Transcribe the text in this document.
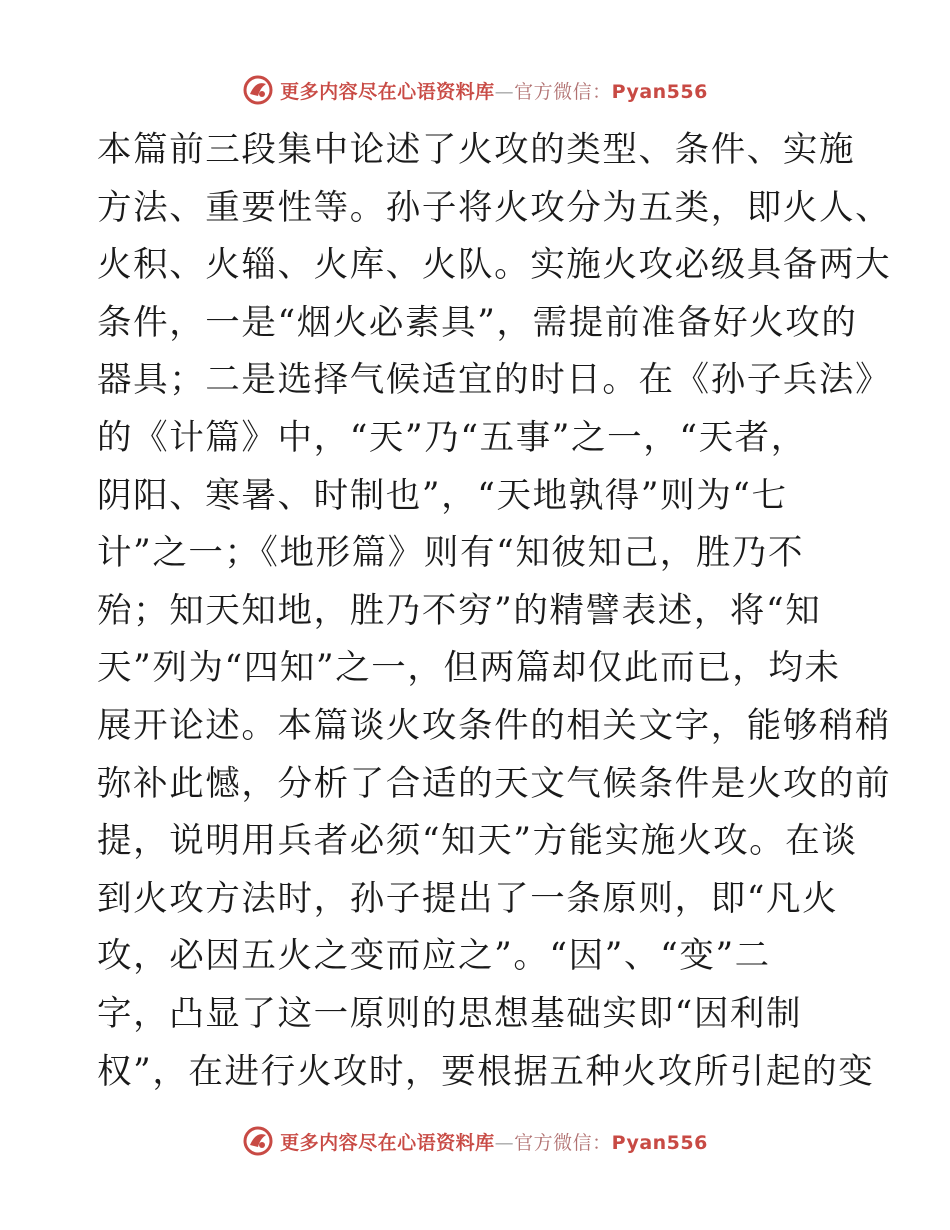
更多内容尽在心语资料库—官方微信：Pyan556
本篇前三段集中论述了火攻的类型、条件、实施
方法、重要性等。孙子将火攻分为五类，即火人、
火积、火辎、火库、火队。实施火攻必级具备两大
条件，一是“烟火必素具”，需提前准备好火攻的
器具；二是选择气候适宜的时日。在《孙子兵法》
的《计篇》中，“天”乃“五事”之一，“天者，
阴阳、寒暑、时制也”，“天地孰得”则为“七
计”之一；《地形篇》则有“知彼知己，胜乃不
殆；知天知地，胜乃不穷”的精譬表述，将“知
天”列为“四知”之一，但两篇却仅此而已，均未
展开论述。本篇谈火攻条件的相关文字，能够稍稍
弥补此憾，分析了合适的天文气候条件是火攻的前
提，说明用兵者必须“知天”方能实施火攻。在谈
到火攻方法时，孙子提出了一条原则，即“凡火
攻，必因五火之变而应之”。“因”、“变”二
字，凸显了这一原则的思想基础实即“因利制
权”，在进行火攻时，要根据五种火攻所引起的变
更多内容尽在心语资料库—官方微信：Pyan556
